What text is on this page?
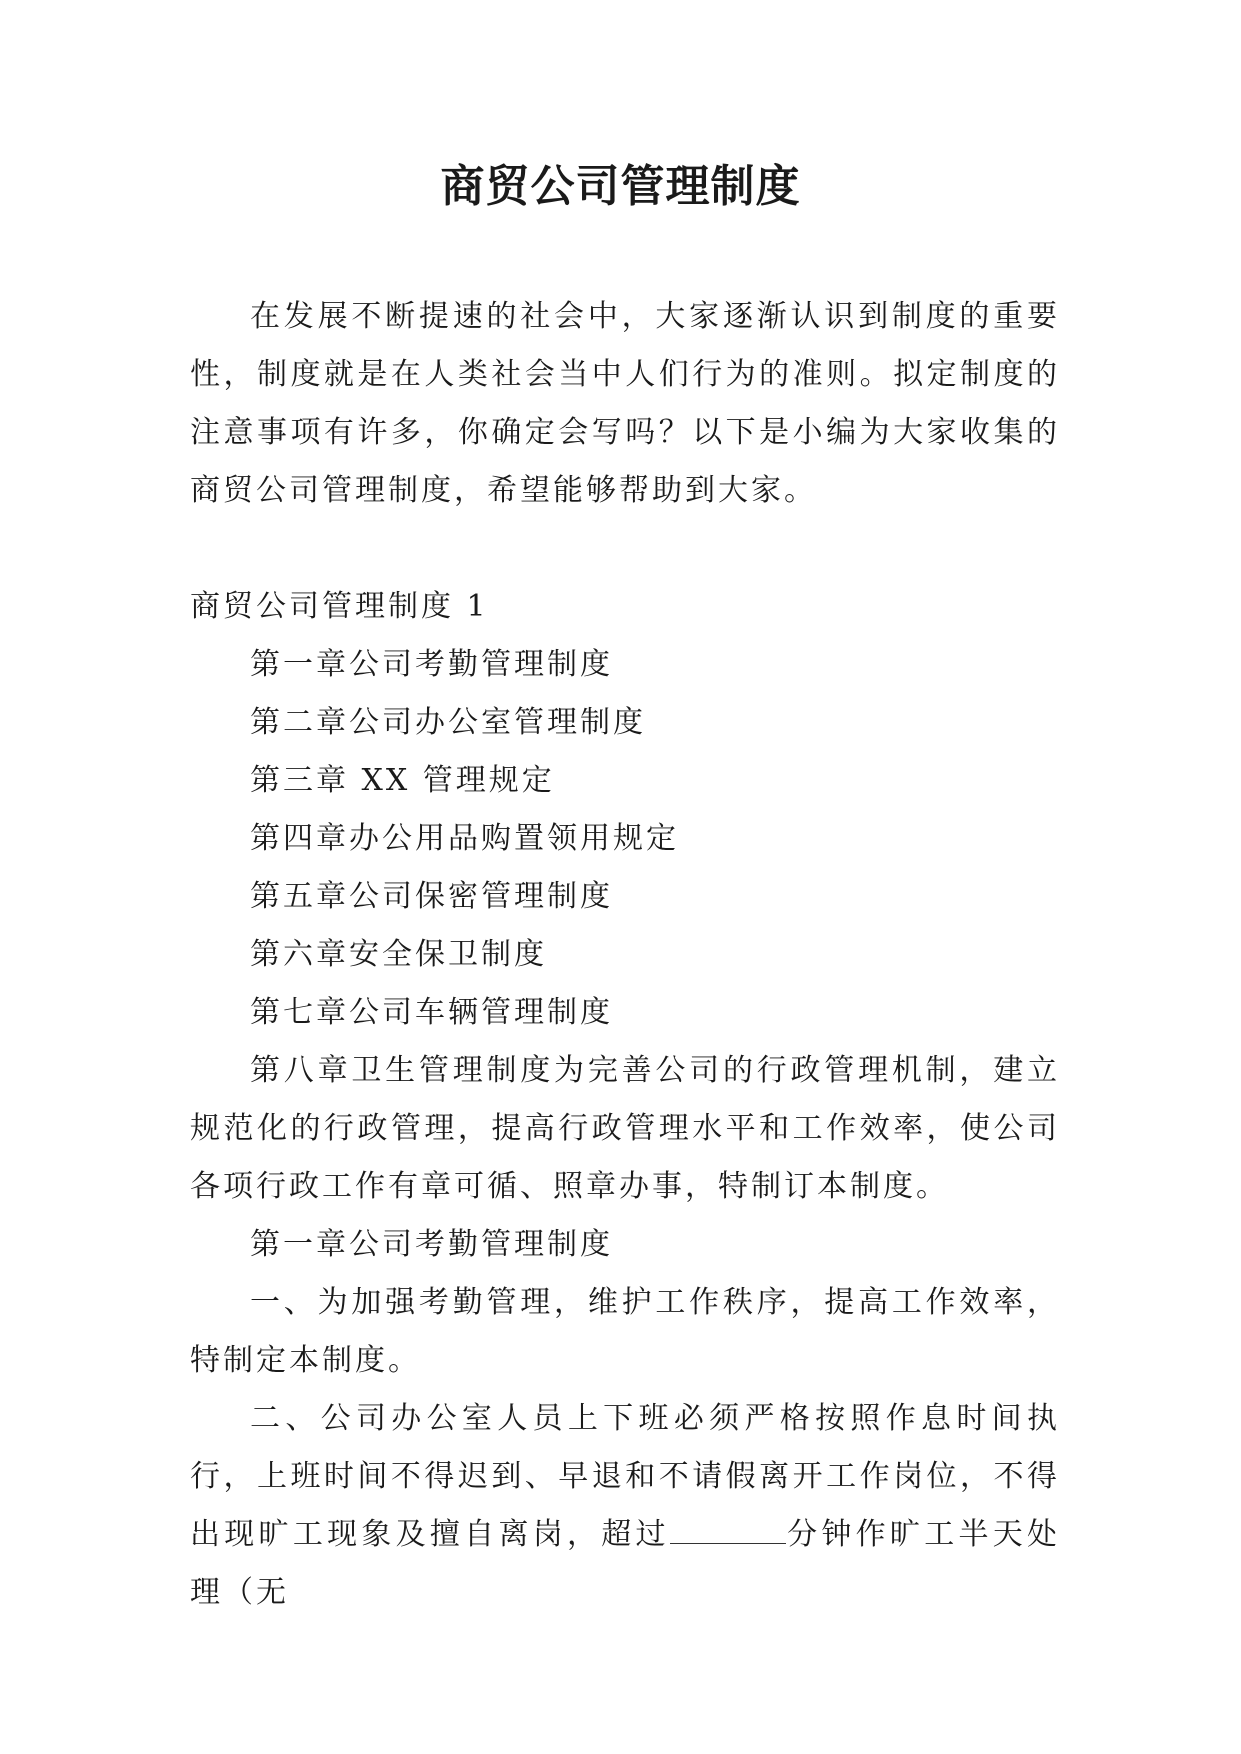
商贸公司管理制度

在发展不断提速的社会中，大家逐渐认识到制度的重要性，制度就是在人类社会当中人们行为的准则。拟定制度的注意事项有许多，你确定会写吗？以下是小编为大家收集的商贸公司管理制度，希望能够帮助到大家。

商贸公司管理制度 1

第一章公司考勤管理制度

第二章公司办公室管理制度

第三章 XX 管理规定

第四章办公用品购置领用规定

第五章公司保密管理制度

第六章安全保卫制度

第七章公司车辆管理制度

第八章卫生管理制度为完善公司的行政管理机制，建立规范化的行政管理，提高行政管理水平和工作效率，使公司各项行政工作有章可循、照章办事，特制订本制度。

第一章公司考勤管理制度

一、为加强考勤管理，维护工作秩序，提高工作效率，特制定本制度。

二、公司办公室人员上下班必须严格按照作息时间执行，上班时间不得迟到、早退和不请假离开工作岗位，不得出现旷工现象及擅自离岗，超过	分钟作旷工半天处理（无
